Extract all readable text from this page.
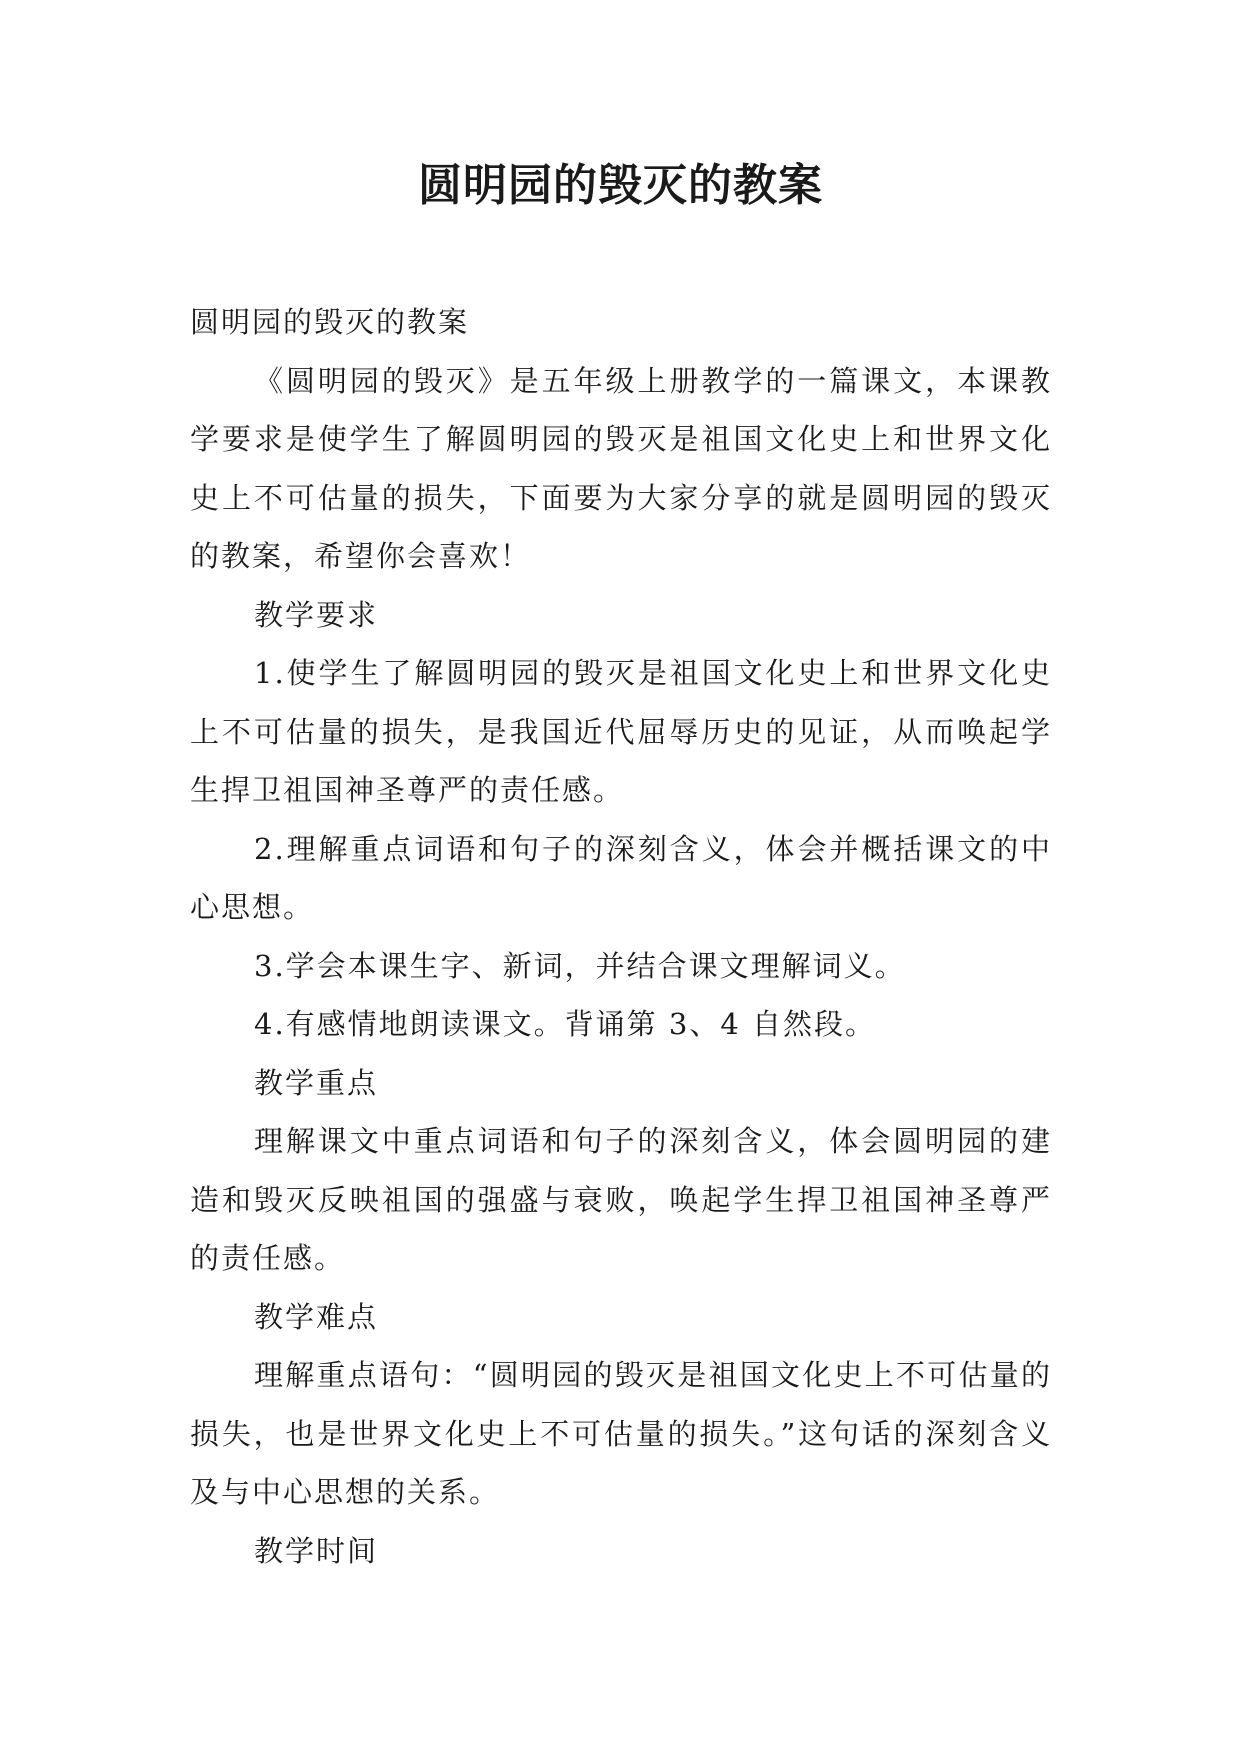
圆明园的毁灭的教案

圆明园的毁灭的教案

《圆明园的毁灭》是五年级上册教学的一篇课文，本课教学要求是使学生了解圆明园的毁灭是祖国文化史上和世界文化史上不可估量的损失，下面要为大家分享的就是圆明园的毁灭的教案，希望你会喜欢！

教学要求

1.使学生了解圆明园的毁灭是祖国文化史上和世界文化史上不可估量的损失，是我国近代屈辱历史的见证，从而唤起学生捍卫祖国神圣尊严的责任感。

2.理解重点词语和句子的深刻含义，体会并概括课文的中心思想。

3.学会本课生字、新词，并结合课文理解词义。

4.有感情地朗读课文。背诵第 3、4 自然段。

教学重点

理解课文中重点词语和句子的深刻含义，体会圆明园的建造和毁灭反映祖国的强盛与衰败，唤起学生捍卫祖国神圣尊严的责任感。

教学难点

理解重点语句：“圆明园的毁灭是祖国文化史上不可估量的损失，也是世界文化史上不可估量的损失。”这句话的深刻含义及与中心思想的关系。

教学时间
